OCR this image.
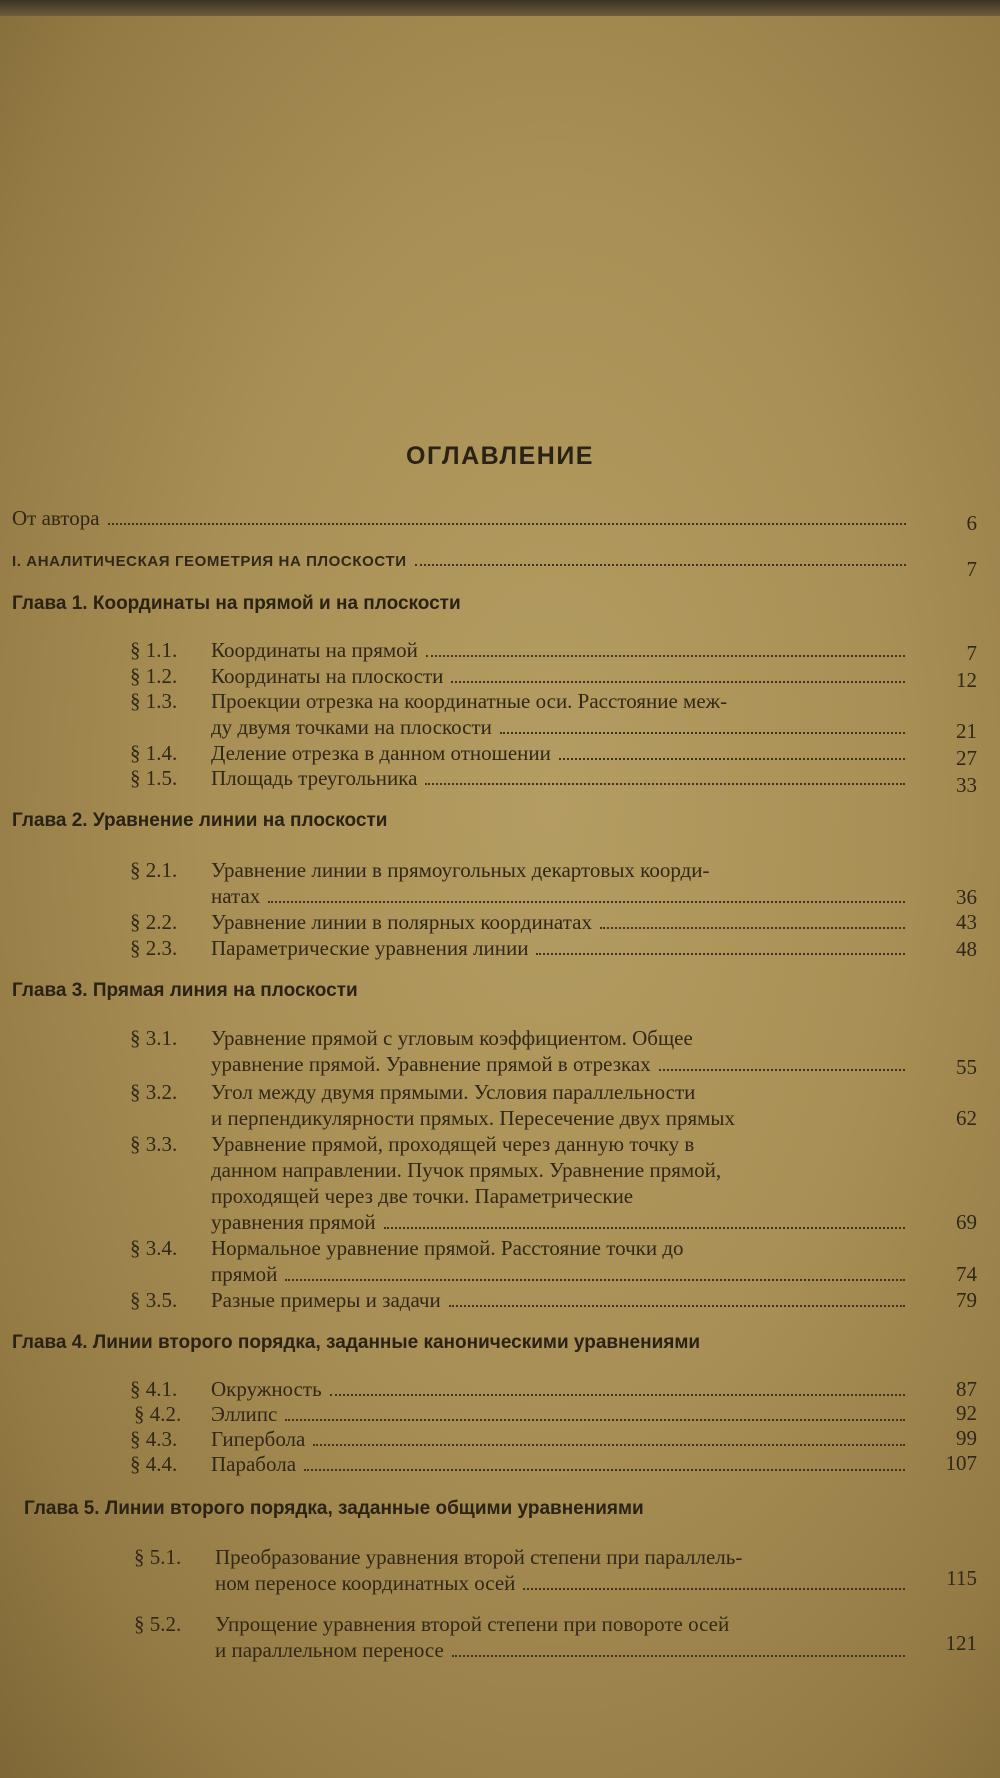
ОГЛАВЛЕНИЕ
От автора	6
I. АНАЛИТИЧЕСКАЯ ГЕОМЕТРИЯ НА ПЛОСКОСТИ	7
Глава 1. Координаты на прямой и на плоскости
§ 1.1. Координаты на прямой	7
§ 1.2. Координаты на плоскости	12
§ 1.3. Проекции отрезка на координатные оси. Расстояние меж-
ду двумя точками на плоскости	21
§ 1.4. Деление отрезка в данном отношении	27
§ 1.5. Площадь треугольника	33
Глава 2. Уравнение линии на плоскости
§ 2.1. Уравнение линии в прямоугольных декартовых коорди-
натах	36
§ 2.2. Уравнение линии в полярных координатах	43
§ 2.3. Параметрические уравнения линии	48
Глава 3. Прямая линия на плоскости
§ 3.1. Уравнение прямой с угловым коэффициентом. Общее
уравнение прямой. Уравнение прямой в отрезках	55
§ 3.2. Угол между двумя прямыми. Условия параллельности
и перпендикулярности прямых. Пересечение двух прямых	62
§ 3.3. Уравнение прямой, проходящей через данную точку в
данном направлении. Пучок прямых. Уравнение прямой,
проходящей через две точки. Параметрические
уравнения прямой	69
§ 3.4. Нормальное уравнение прямой. Расстояние точки до
прямой	74
§ 3.5. Разные примеры и задачи	79
Глава 4. Линии второго порядка, заданные каноническими уравнениями
§ 4.1. Окружность	87
§ 4.2. Эллипс	92
§ 4.3. Гипербола	99
§ 4.4. Парабола	107
Глава 5. Линии второго порядка, заданные общими уравнениями
§ 5.1. Преобразование уравнения второй степени при параллель-
ном переносе координатных осей	115
§ 5.2. Упрощение уравнения второй степени при повороте осей
и параллельном переносе	121
